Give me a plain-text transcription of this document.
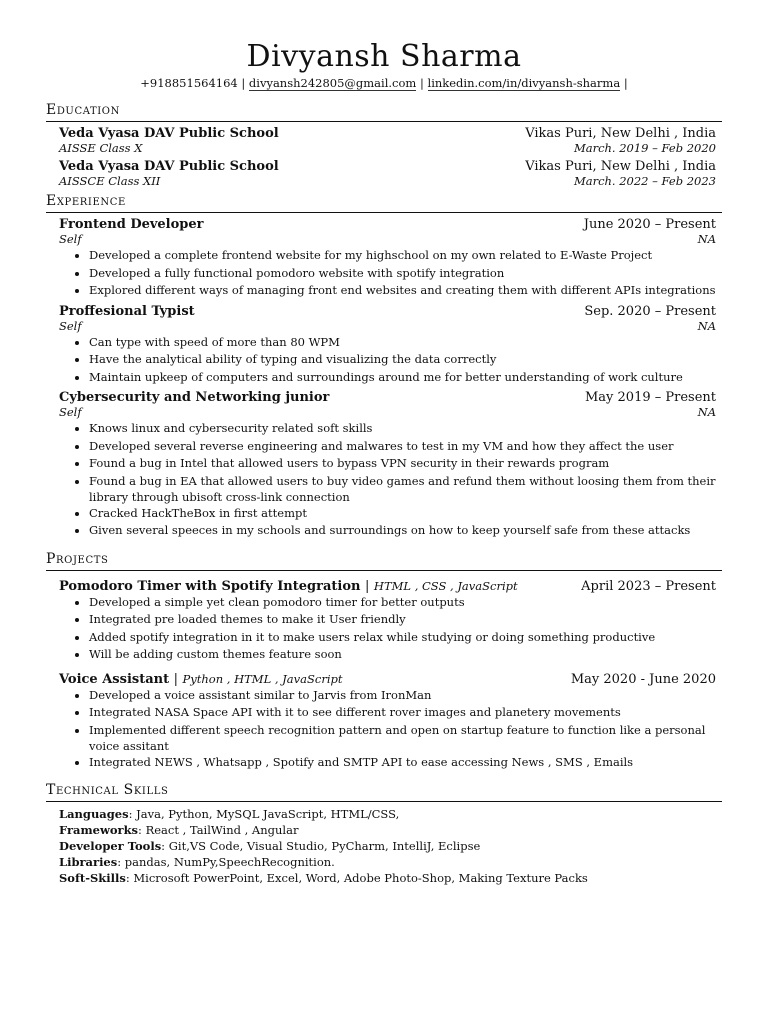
Divyansh Sharma
+918851564164 | divyansh242805@gmail.com | linkedin.com/in/divyansh-sharma |
Education
Veda Vyasa DAV Public School	Vikas Puri, New Delhi , India
AISSE Class X	March. 2019 – Feb 2020
Veda Vyasa DAV Public School	Vikas Puri, New Delhi , India
AISSCE Class XII	March. 2022 – Feb 2023
Experience
Frontend Developer	June 2020 – Present
Self	NA
• Developed a complete frontend website for my highschool on my own related to E-Waste Project
• Developed a fully functional pomodoro website with spotify integration
• Explored different ways of managing front end websites and creating them with different APIs integrations
Proffesional Typist	Sep. 2020 – Present
Self	NA
• Can type with speed of more than 80 WPM
• Have the analytical ability of typing and visualizing the data correctly
• Maintain upkeep of computers and surroundings around me for better understanding of work culture
Cybersecurity and Networking junior	May 2019 – Present
Self	NA
• Knows linux and cybersecurity related soft skills
• Developed several reverse engineering and malwares to test in my VM and how they affect the user
• Found a bug in Intel that allowed users to bypass VPN security in their rewards program
• Found a bug in EA that allowed users to buy video games and refund them without loosing them from their library through ubisoft cross-link connection
• Cracked HackTheBox in first attempt
• Given several speeces in my schools and surroundings on how to keep yourself safe from these attacks
Projects
Pomodoro Timer with Spotify Integration | HTML , CSS , JavaScript	April 2023 – Present
• Developed a simple yet clean pomodoro timer for better outputs
• Integrated pre loaded themes to make it User friendly
• Added spotify integration in it to make users relax while studying or doing something productive
• Will be adding custom themes feature soon
Voice Assistant | Python , HTML , JavaScript	May 2020 - June 2020
• Developed a voice assistant similar to Jarvis from IronMan
• Integrated NASA Space API with it to see different rover images and planetery movements
• Implemented different speech recognition pattern and open on startup feature to function like a personal voice assitant
• Integrated NEWS , Whatsapp , Spotify and SMTP API to ease accessing News , SMS , Emails
Technical Skills
Languages: Java, Python, MySQL JavaScript, HTML/CSS,
Frameworks: React , TailWind , Angular
Developer Tools: Git,VS Code, Visual Studio, PyCharm, IntelliJ, Eclipse
Libraries: pandas, NumPy,SpeechRecognition.
Soft-Skills: Microsoft PowerPoint, Excel, Word, Adobe Photo-Shop, Making Texture Packs
